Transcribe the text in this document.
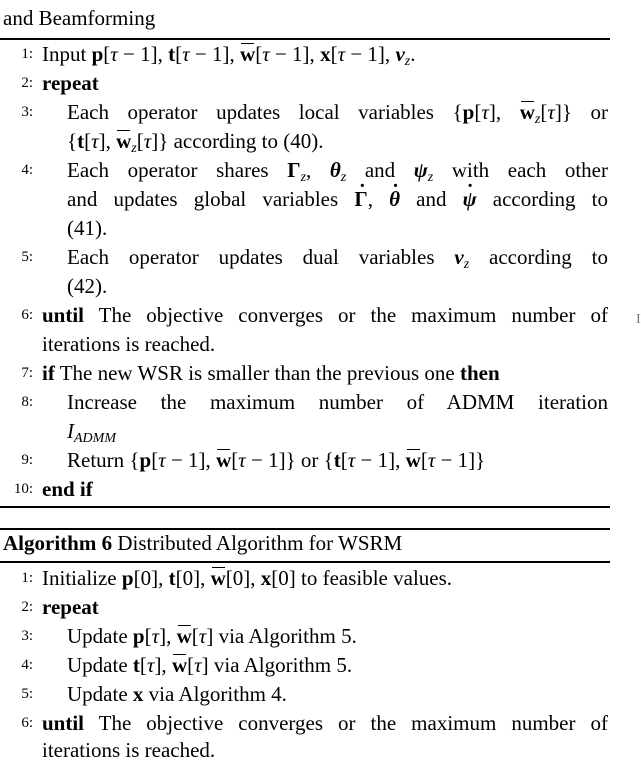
and Beamforming
1: Input p[τ − 1], t[τ − 1], w[τ − 1], x[τ − 1], $\nu_z$.
2: repeat
3: Each operator updates local variables {p[τ], $w_z[\tau]$} or
{t[τ], $w_z[\tau]$} according to (40).
4: Each operator shares $\Gamma_z$, $\theta_z$ and $\psi_z$ with each other
and updates global variables · Γ, · θ and · ψ according to
(41).
5: Each operator updates dual variables $\nu_z$ according to
(42).
6: until The objective converges or the maximum number of
iterations is reached.
7: if The new WSR is smaller than the previous one then
8: Increase the maximum number of ADMM iteration
$I_{ADMM}$
9: Return {p[τ − 1], w[τ − 1]} or {t[τ − 1], w[τ − 1]}
10: end if
Algorithm 6 Distributed Algorithm for WSRM
1: Initialize p[0], t[0], w[0], x[0] to feasible values.
2: repeat
3: Update p[τ], w[τ] via Algorithm 5.
4: Update t[τ], w[τ] via Algorithm 5.
5: Update x via Algorithm 4.
6: until The objective converges or the maximum number of
iterations is reached.
I
